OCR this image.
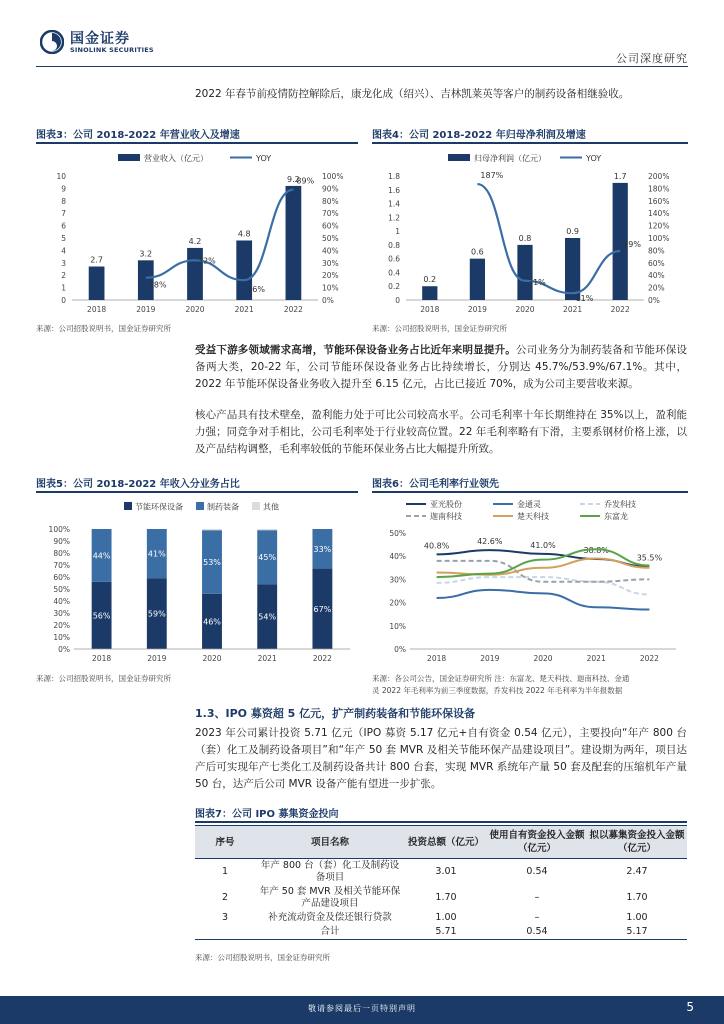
国金证券
SINOLINK SECURITIES
公司深度研究
2022 年春节前疫情防控解除后，康龙化成（绍兴）、吉林凯莱英等客户的制药设备相继验收。
图表3：公司 2018-2022 年营业收入及增速
营业收入（亿元）	YOY
0
1
2
3
4
5
6
7
8
9
10
0%
10%
20%
30%
40%
50%
60%
70%
80%
90%
100%
2.7
2018
3.2
2019
4.2
2020
4.8
2021
9.2
2022
18%
32%
16%
89%
来源：公司招股说明书，国金证券研究所
图表4：公司 2018-2022 年归母净利润及增速
归母净利润（亿元）	YOY
0
0.2
0.4
0.6
0.8
1
1.2
1.4
1.6
1.8
0%
20%
40%
60%
80%
100%
120%
140%
160%
180%
200%
0.2
2018
0.6
2019
0.8
2020
0.9
2021
1.7
2022
187%
31%
11%
79%
来源：公司招股说明书，国金证券研究所
受益下游多领域需求高增，节能环保设备业务占比近年来明显提升。公司业务分为制药装备和节能环保设备两大类，20-22 年，公司节能环保设备业务占比持续增长，分别达 45.7%/53.9%/67.1%。其中，2022 年节能环保设备业务收入提升至 6.15 亿元，占比已接近 70%，成为公司主要营收来源。
核心产品具有技术壁垒，盈利能力处于可比公司较高水平。公司毛利率十年长期维持在 35%以上，盈利能力强；同竞争对手相比，公司毛利率处于行业较高位置。22 年毛利率略有下滑，主要系钢材价格上涨，以及产品结构调整，毛利率较低的节能环保业务占比大幅提升所致。
图表5：公司 2018-2022 年收入分业务占比
节能环保设备	制药装备	其他
0%
10%
20%
30%
40%
50%
60%
70%
80%
90%
100%
56%
44%
2018
59%
41%
2019
46%
53%
2020
54%
45%
2021
67%
33%
2022
来源：公司招股说明书，国金证券研究所
图表6：公司毛利率行业领先
亚光股份	金通灵	乔发科技
迦南科技	楚天科技	东富龙
0%
10%
20%
30%
40%
50%
2018	2019	2020	2021	2022
40.8%	42.6%	41.0%
38.8%
35.5%
来源：各公司公告，国金证券研究所 注：东富龙、楚天科技、迦南科技、金通
灵 2022 年毛利率为前三季度数据，乔发科技 2022 年毛利率为半年报数据
1.3、IPO 募资超 5 亿元，扩产制药装备和节能环保设备
2023 年公司累计投资 5.71 亿元（IPO 募资 5.17 亿元+自有资金 0.54 亿元），主要投向“年产 800 台（套）化工及制药设备项目”和“年产 50 套 MVR 及相关节能环保产品建设项目”。建设期为两年，项目达产后可实现年产七类化工及制药设备共计 800 台套，实现 MVR 系统年产量 50 套及配套的压缩机年产量 50 台，达产后公司 MVR 设备产能有望进一步扩张。
图表7：公司 IPO 募集资金投向
序号	项目名称	投资总额（亿元）	使用自有资金投入金额（亿元）	拟以募集资金投入金额（亿元）
1	年产 800 台（套）化工及制药设备项目	3.01	0.54	2.47
2	年产 50 套 MVR 及相关节能环保产品建设项目	1.70	–	1.70
3	补充流动资金及偿还银行贷款	1.00	–	1.00
	合计	5.71	0.54	5.17
来源：公司招股说明书，国金证券研究所
敬请参阅最后一页特别声明	5
